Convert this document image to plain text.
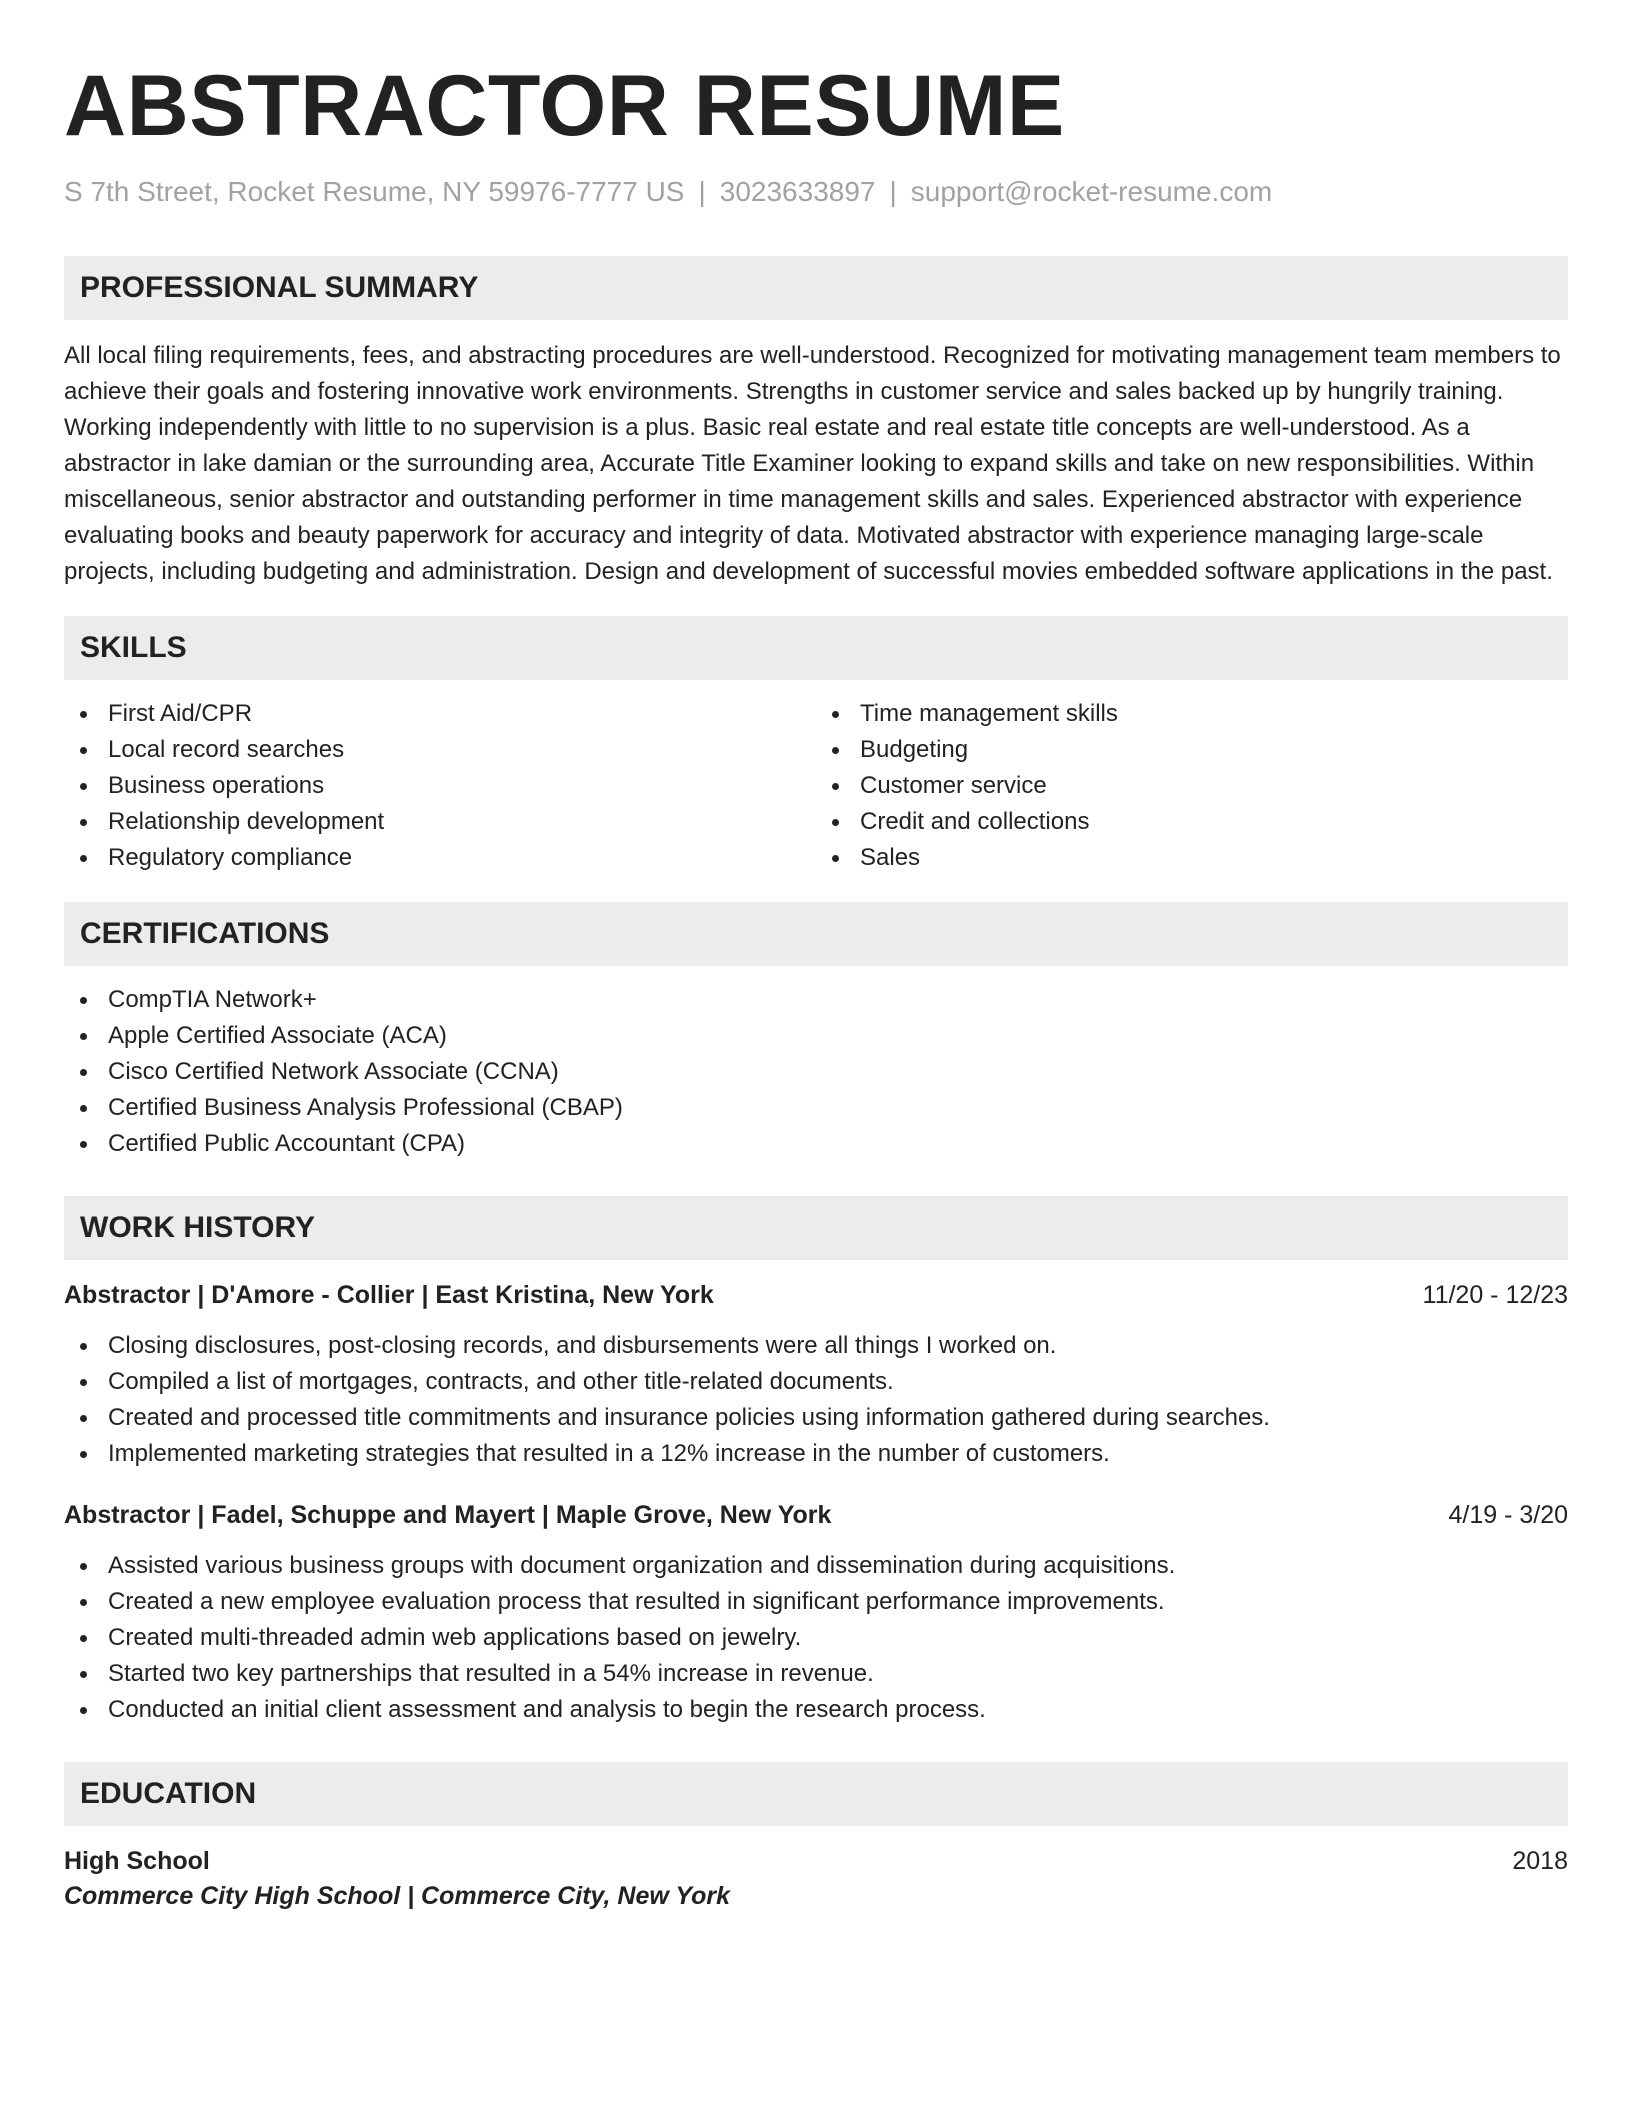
ABSTRACTOR RESUME
S 7th Street, Rocket Resume, NY 59976-7777 US | 3023633897 | support@rocket-resume.com
PROFESSIONAL SUMMARY

All local filing requirements, fees, and abstracting procedures are well-understood. Recognized for motivating management team members to achieve their goals and fostering innovative work environments. Strengths in customer service and sales backed up by hungrily training. Working independently with little to no supervision is a plus. Basic real estate and real estate title concepts are well-understood. As a abstractor in lake damian or the surrounding area, Accurate Title Examiner looking to expand skills and take on new responsibilities. Within miscellaneous, senior abstractor and outstanding performer in time management skills and sales. Experienced abstractor with experience evaluating books and beauty paperwork for accuracy and integrity of data. Motivated abstractor with experience managing large-scale projects, including budgeting and administration. Design and development of successful movies embedded software applications in the past.

SKILLS
First Aid/CPR
Local record searches
Business operations
Relationship development
Regulatory compliance
Time management skills
Budgeting
Customer service
Credit and collections
Sales
CERTIFICATIONS
CompTIA Network+
Apple Certified Associate (ACA)
Cisco Certified Network Associate (CCNA)
Certified Business Analysis Professional (CBAP)
Certified Public Accountant (CPA)
WORK HISTORY
Abstractor | D'Amore - Collier | East Kristina, New York	11/20 - 12/23
Closing disclosures, post-closing records, and disbursements were all things I worked on.
Compiled a list of mortgages, contracts, and other title-related documents.
Created and processed title commitments and insurance policies using information gathered during searches.
Implemented marketing strategies that resulted in a 12% increase in the number of customers.
Abstractor | Fadel, Schuppe and Mayert | Maple Grove, New York	4/19 - 3/20
Assisted various business groups with document organization and dissemination during acquisitions.
Created a new employee evaluation process that resulted in significant performance improvements.
Created multi-threaded admin web applications based on jewelry.
Started two key partnerships that resulted in a 54% increase in revenue.
Conducted an initial client assessment and analysis to begin the research process.
EDUCATION
High School	2018
Commerce City High School | Commerce City, New York
